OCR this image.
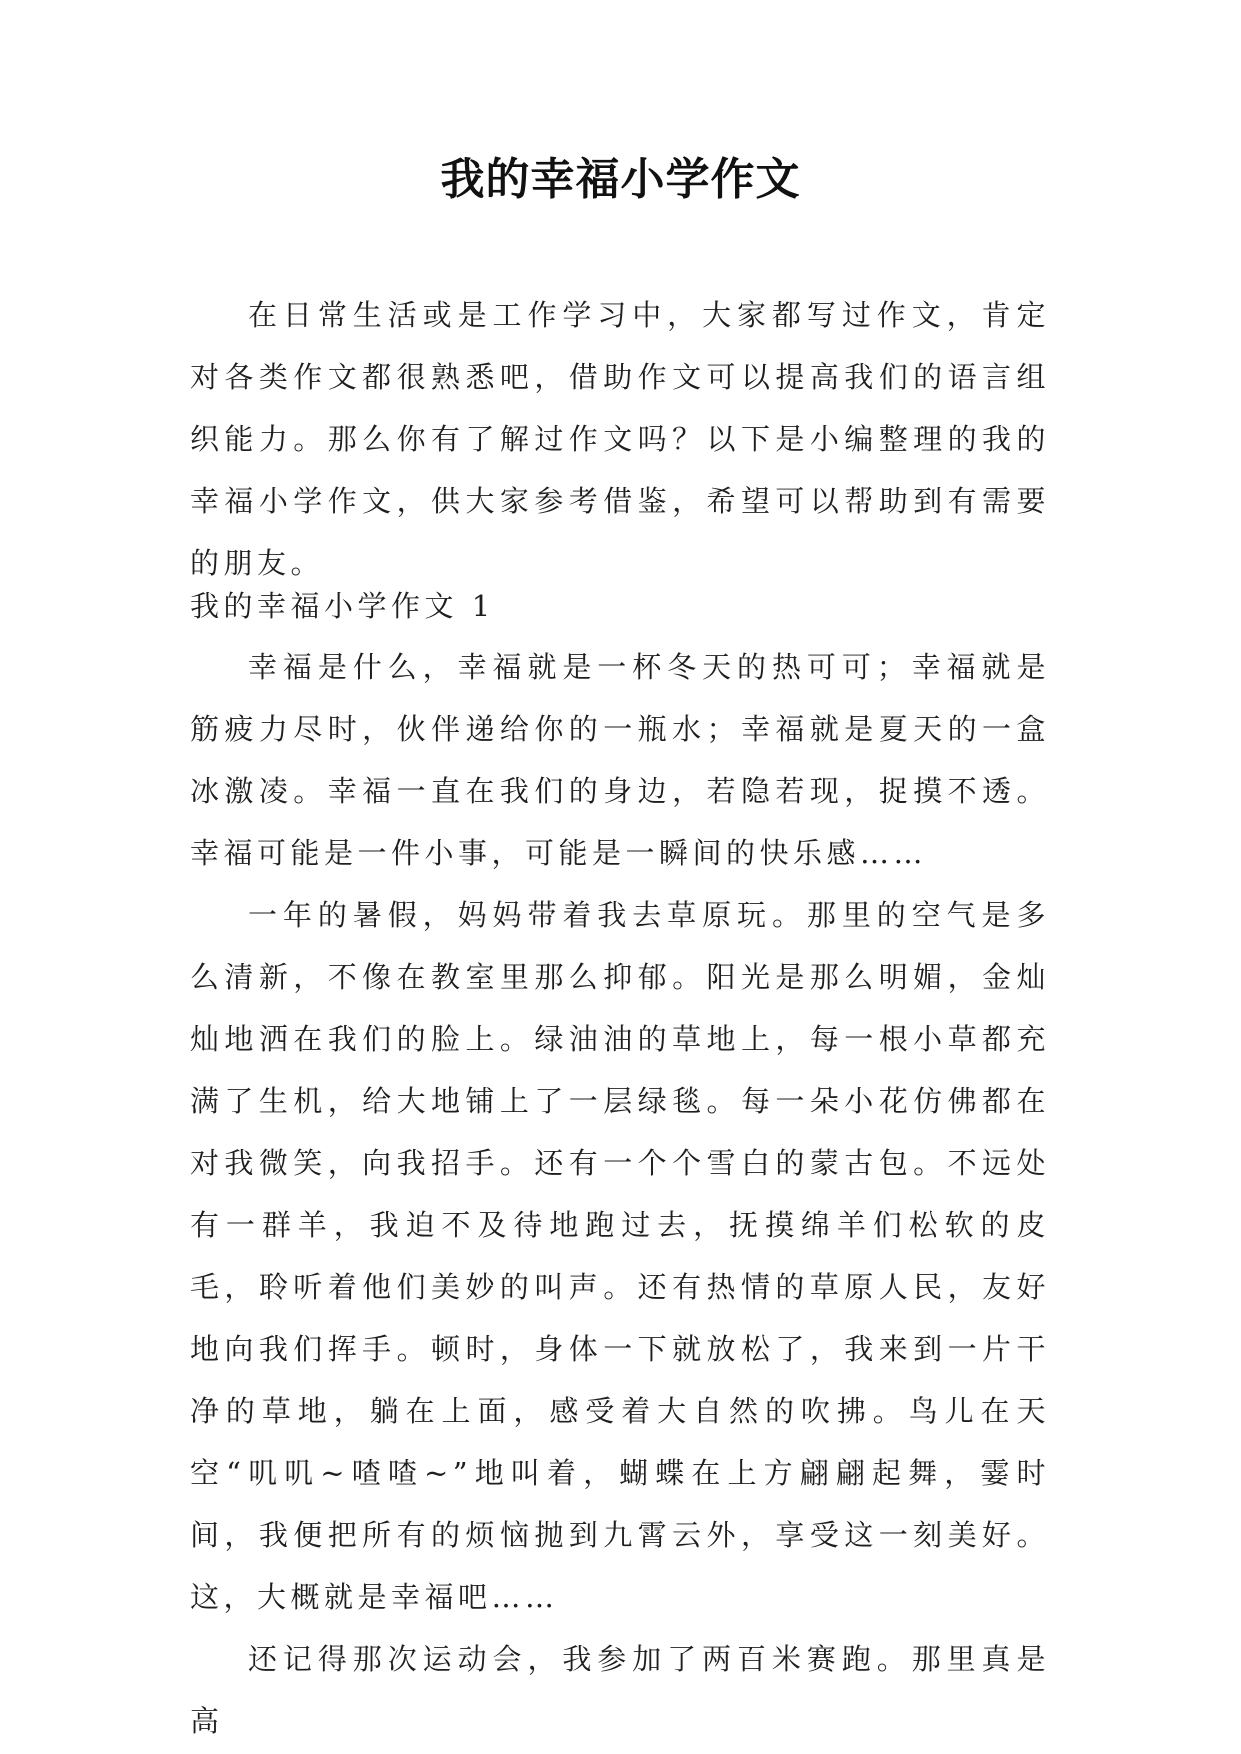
我的幸福小学作文

在日常生活或是工作学习中，大家都写过作文，肯定对各类作文都很熟悉吧，借助作文可以提高我们的语言组织能力。那么你有了解过作文吗？以下是小编整理的我的幸福小学作文，供大家参考借鉴，希望可以帮助到有需要的朋友。

我的幸福小学作文 1

幸福是什么，幸福就是一杯冬天的热可可；幸福就是筋疲力尽时，伙伴递给你的一瓶水；幸福就是夏天的一盒冰激凌。幸福一直在我们的身边，若隐若现，捉摸不透。幸福可能是一件小事，可能是一瞬间的快乐感……

一年的暑假，妈妈带着我去草原玩。那里的空气是多么清新，不像在教室里那么抑郁。阳光是那么明媚，金灿灿地洒在我们的脸上。绿油油的草地上，每一根小草都充满了生机，给大地铺上了一层绿毯。每一朵小花仿佛都在对我微笑，向我招手。还有一个个雪白的蒙古包。不远处有一群羊，我迫不及待地跑过去，抚摸绵羊们松软的皮毛，聆听着他们美妙的叫声。还有热情的草原人民，友好地向我们挥手。顿时，身体一下就放松了，我来到一片干净的草地，躺在上面，感受着大自然的吹拂。鸟儿在天空“叽叽~喳喳~”地叫着，蝴蝶在上方翩翩起舞，霎时间，我便把所有的烦恼抛到九霄云外，享受这一刻美好。这，大概就是幸福吧……

还记得那次运动会，我参加了两百米赛跑。那里真是高
